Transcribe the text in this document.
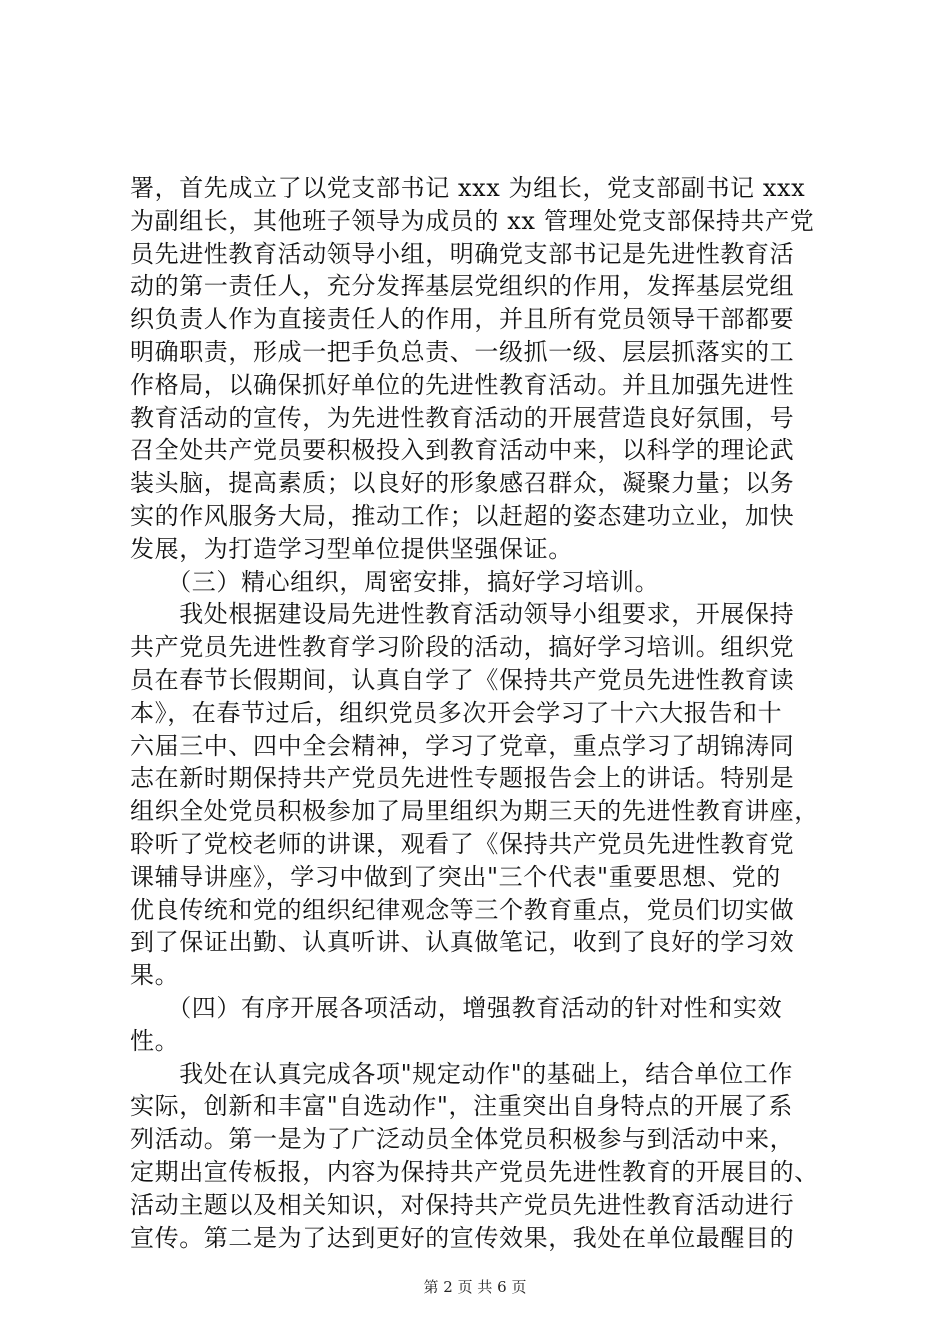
署，首先成立了以党支部书记 xxx 为组长，党支部副书记 xxx
为副组长，其他班子领导为成员的 xx 管理处党支部保持共产党
员先进性教育活动领导小组，明确党支部书记是先进性教育活
动的第一责任人，充分发挥基层党组织的作用，发挥基层党组
织负责人作为直接责任人的作用，并且所有党员领导干部都要
明确职责，形成一把手负总责、一级抓一级、层层抓落实的工
作格局，以确保抓好单位的先进性教育活动。并且加强先进性
教育活动的宣传，为先进性教育活动的开展营造良好氛围，号
召全处共产党员要积极投入到教育活动中来，以科学的理论武
装头脑，提高素质；以良好的形象感召群众，凝聚力量；以务
实的作风服务大局，推动工作；以赶超的姿态建功立业，加快
发展，为打造学习型单位提供坚强保证。
　　（三）精心组织，周密安排，搞好学习培训。
　　我处根据建设局先进性教育活动领导小组要求，开展保持
共产党员先进性教育学习阶段的活动，搞好学习培训。组织党
员在春节长假期间，认真自学了《保持共产党员先进性教育读
本》，在春节过后，组织党员多次开会学习了十六大报告和十
六届三中、四中全会精神，学习了党章，重点学习了胡锦涛同
志在新时期保持共产党员先进性专题报告会上的讲话。特别是
组织全处党员积极参加了局里组织为期三天的先进性教育讲座，
聆听了党校老师的讲课，观看了《保持共产党员先进性教育党
课辅导讲座》，学习中做到了突出"三个代表"重要思想、党的
优良传统和党的组织纪律观念等三个教育重点，党员们切实做
到了保证出勤、认真听讲、认真做笔记，收到了良好的学习效
果。
　　（四）有序开展各项活动，增强教育活动的针对性和实效
性。
　　我处在认真完成各项"规定动作"的基础上，结合单位工作
实际，创新和丰富"自选动作"，注重突出自身特点的开展了系
列活动。第一是为了广泛动员全体党员积极参与到活动中来，
定期出宣传板报，内容为保持共产党员先进性教育的开展目的、
活动主题以及相关知识，对保持共产党员先进性教育活动进行
宣传。第二是为了达到更好的宣传效果，我处在单位最醒目的
第 2 页 共 6 页
